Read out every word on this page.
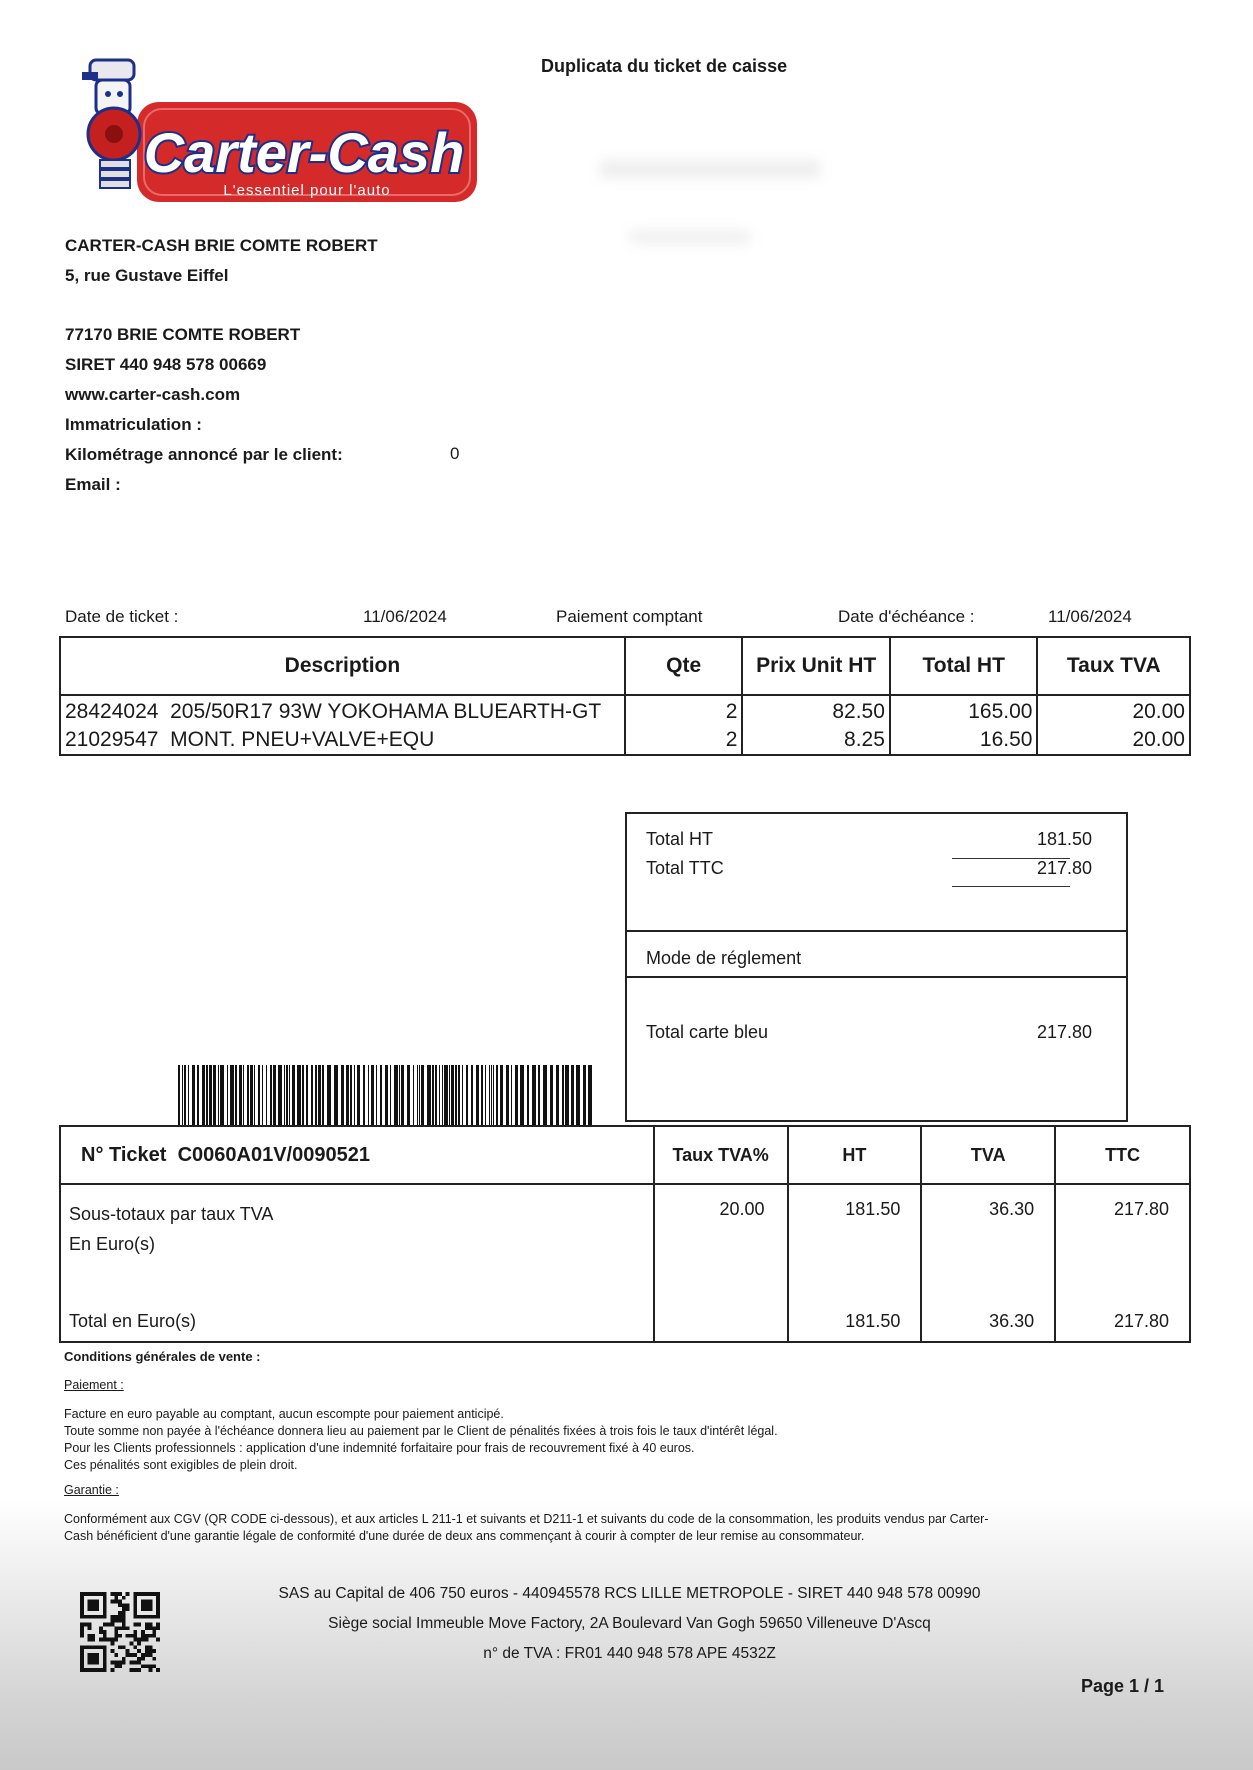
Carter-Cash
L'essentiel pour l'auto
Duplicata du ticket de caisse
CARTER-CASH BRIE COMTE ROBERT
5, rue Gustave Eiffel
77170 BRIE COMTE ROBERT
SIRET 440 948 578 00669
www.carter-cash.com
Immatriculation :
Kilométrage annoncé par le client:	0
Email :
Date de ticket :	11/06/2024	Paiement comptant	Date d'échéance :	11/06/2024
Description	Qte	Prix Unit HT	Total HT	Taux TVA
28424024  205/50R17 93W YOKOHAMA BLUEARTH-GT	2	82.50	165.00	20.00
21029547  MONT. PNEU+VALVE+EQU	2	8.25	16.50	20.00
Total HT	181.50
Total TTC	217.80
Mode de réglement
Total carte bleu	217.80
N° Ticket C0060A01V/0090521	Taux TVA%	HT	TVA	TTC

Sous-totaux par taux TVA
En Euro(s)	20.00	181.50	36.30	217.80
Total en Euro(s)		181.50	36.30	217.80
Conditions générales de vente :
Paiement :
Facture en euro payable au comptant, aucun escompte pour paiement anticipé.
Toute somme non payée à l'échéance donnera lieu au paiement par le Client de pénalités fixées à trois fois le taux d'intérêt légal.
Pour les Clients professionnels : application d'une indemnité forfaitaire pour frais de recouvrement fixé à 40 euros.
Ces pénalités sont exigibles de plein droit.
Garantie :
Conformément aux CGV (QR CODE ci-dessous), et aux articles L 211-1 et suivants et D211-1 et suivants du code de la consommation, les produits vendus par Carter-
Cash bénéficient d'une garantie légale de conformité d'une durée de deux ans commençant à courir à compter de leur remise au consommateur.
SAS au Capital de 406 750 euros - 440945578 RCS LILLE METROPOLE - SIRET 440 948 578 00990
Siège social Immeuble Move Factory, 2A Boulevard Van Gogh 59650 Villeneuve D'Ascq
n° de TVA : FR01 440 948 578 APE 4532Z
Page 1 / 1
